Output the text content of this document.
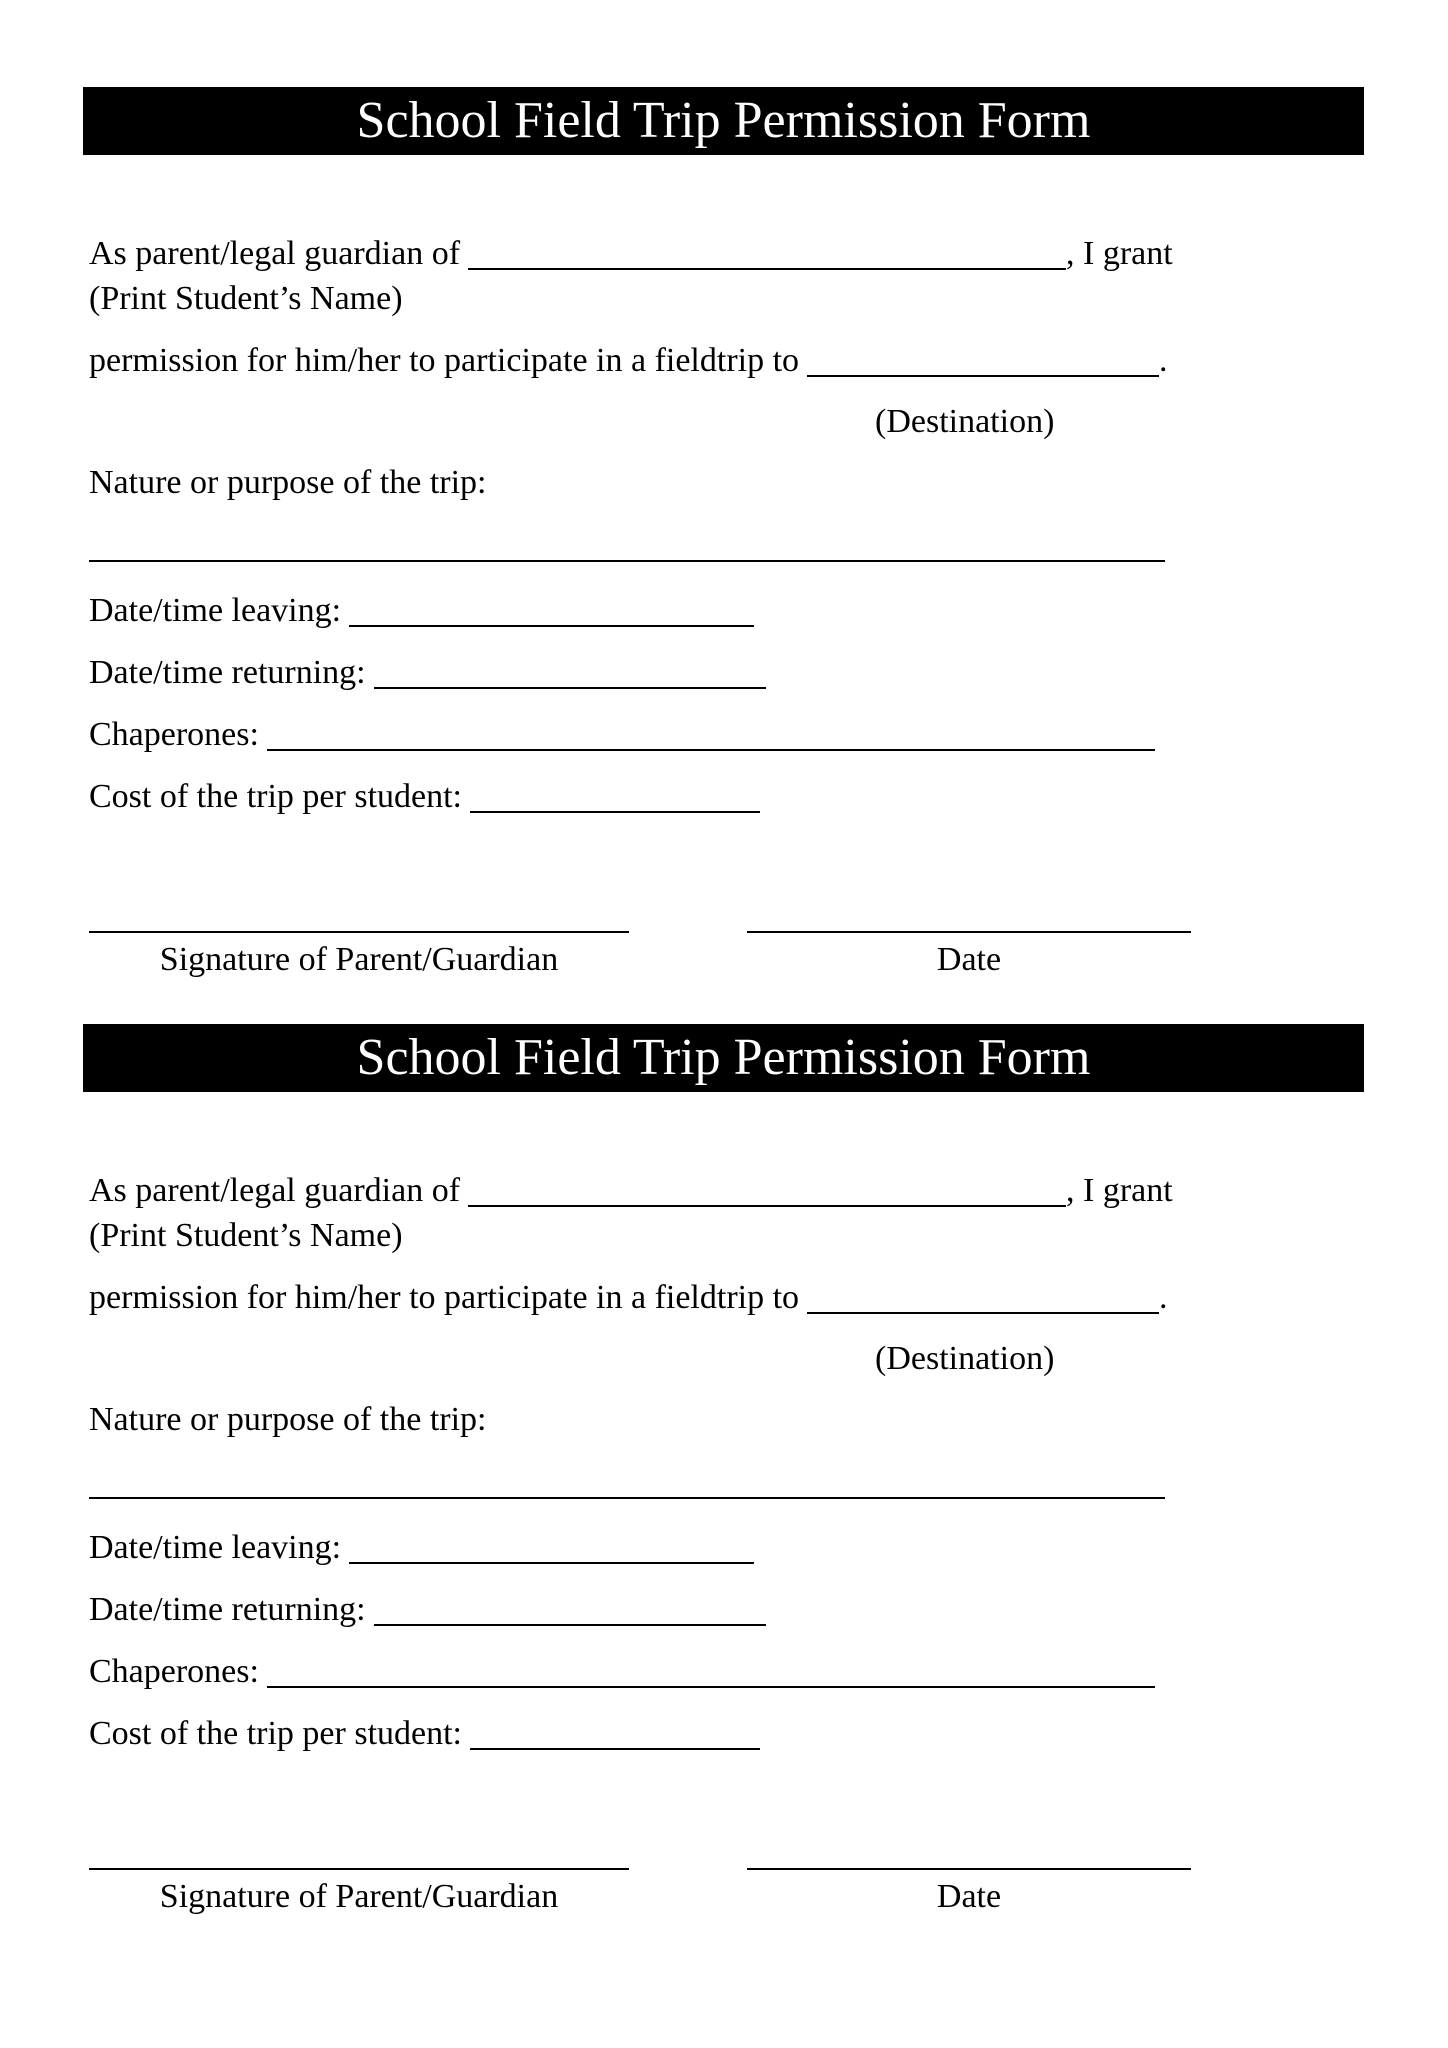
School Field Trip Permission Form
As parent/legal guardian of	, I grant
(Print Student’s Name)
permission for him/her to participate in a fieldtrip to	.
(Destination)
Nature or purpose of the trip:
Date/time leaving:
Date/time returning:
Chaperones:
Cost of the trip per student:
Signature of Parent/Guardian	Date
School Field Trip Permission Form
As parent/legal guardian of	, I grant
(Print Student’s Name)
permission for him/her to participate in a fieldtrip to	.
(Destination)
Nature or purpose of the trip:
Date/time leaving:
Date/time returning:
Chaperones:
Cost of the trip per student:
Signature of Parent/Guardian	Date
